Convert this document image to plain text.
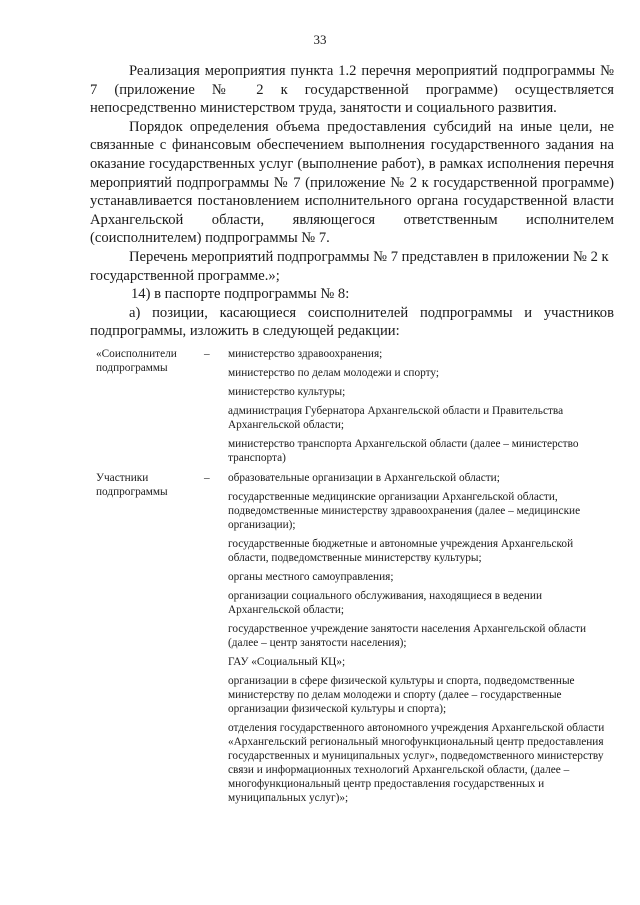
33

Реализация мероприятия пункта 1.2 перечня мероприятий подпрограммы № 7 (приложение № 2 к государственной программе) осуществляется непосредственно министерством труда, занятости и социального развития.

Порядок определения объема предоставления субсидий на иные цели, не связанные с финансовым обеспечением выполнения государственного задания на оказание государственных услуг (выполнение работ), в рамках исполнения перечня мероприятий подпрограммы № 7 (приложение № 2 к государственной программе) устанавливается постановлением исполнительного органа государственной власти Архангельской области, являющегося ответственным исполнителем (соисполнителем) подпрограммы № 7.

Перечень мероприятий подпрограммы № 7 представлен в приложении № 2 к государственной программе.»;

14) в паспорте подпрограммы № 8:

а) позиции, касающиеся соисполнителей подпрограммы и участников подпрограммы, изложить в следующей редакции:

«Соисполнители подпрограммы
–	министерство здравоохранения;
министерство по делам молодежи и спорту;
министерство культуры;
администрация Губернатора Архангельской области и Правительства Архангельской области;
министерство транспорта Архангельской области (далее – министерство транспорта)
Участники подпрограммы
–	образовательные организации в Архангельской области;
государственные медицинские организации Архангельской области, подведомственные министерству здравоохранения (далее – медицинские организации);
государственные бюджетные и автономные учреждения Архангельской области, подведомственные министерству культуры;
органы местного самоуправления;
организации социального обслуживания, находящиеся в ведении Архангельской области;
государственное учреждение занятости населения Архангельской области (далее – центр занятости населения);
ГАУ «Социальный КЦ»;
организации в сфере физической культуры и спорта, подведомственные министерству по делам молодежи и спорту (далее – государственные организации физической культуры и спорта);
отделения государственного автономного учреждения Архангельской области «Архангельский региональный многофункциональный центр предоставления государственных и муниципальных услуг», подведомственного министерству связи и информационных технологий Архангельской области, (далее – многофункциональный центр предоставления государственных и муниципальных услуг)»;
